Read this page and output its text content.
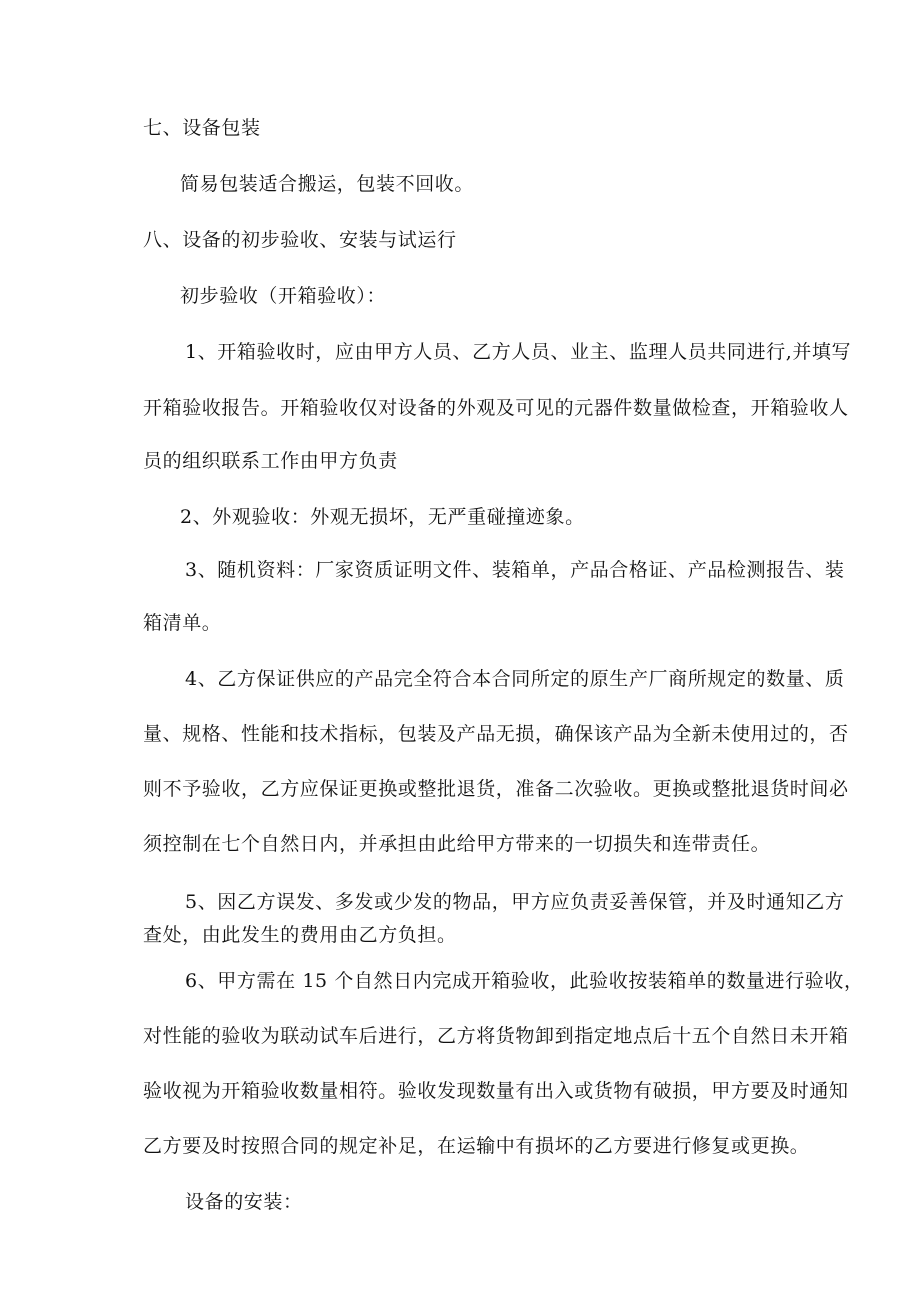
七、设备包装
简易包装适合搬运，包装不回收。
八、设备的初步验收、安装与试运行
初步验收（开箱验收）：
1、开箱验收时，应由甲方人员、乙方人员、业主、监理人员共同进行,并填写
开箱验收报告。开箱验收仅对设备的外观及可见的元器件数量做检查，开箱验收人
员的组织联系工作由甲方负责
2、外观验收：外观无损坏，无严重碰撞迹象。
3、随机资料：厂家资质证明文件、装箱单，产品合格证、产品检测报告、装
箱清单。
4、乙方保证供应的产品完全符合本合同所定的原生产厂商所规定的数量、质
量、规格、性能和技术指标，包装及产品无损，确保该产品为全新未使用过的，否
则不予验收，乙方应保证更换或整批退货，准备二次验收。更换或整批退货时间必
须控制在七个自然日内，并承担由此给甲方带来的一切损失和连带责任。
5、因乙方误发、多发或少发的物品，甲方应负责妥善保管，并及时通知乙方
查处，由此发生的费用由乙方负担。
6、甲方需在 15 个自然日内完成开箱验收，此验收按装箱单的数量进行验收，
对性能的验收为联动试车后进行，乙方将货物卸到指定地点后十五个自然日未开箱
验收视为开箱验收数量相符。验收发现数量有出入或货物有破损，甲方要及时通知
乙方要及时按照合同的规定补足，在运输中有损坏的乙方要进行修复或更换。
设备的安装：
